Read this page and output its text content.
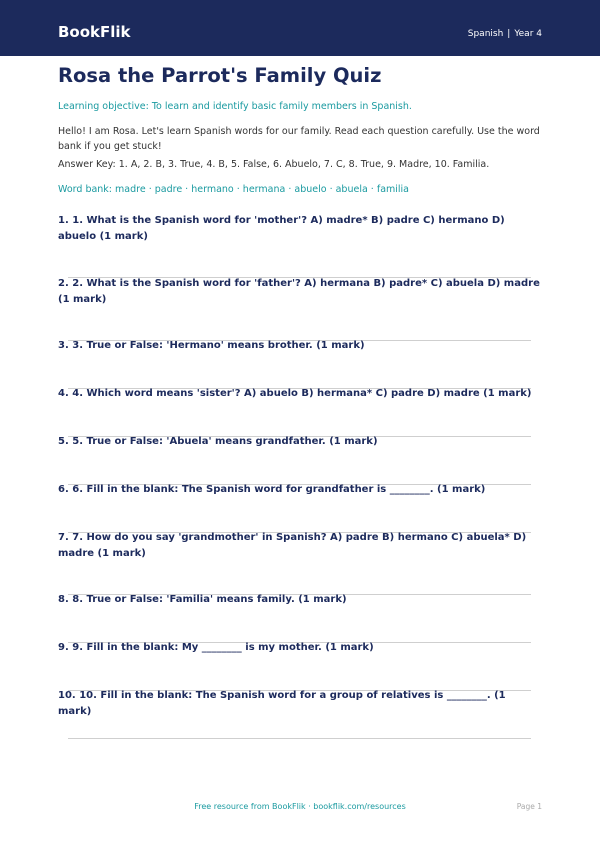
BookFlik	Spanish | Year 4
Rosa the Parrot's Family Quiz
Learning objective: To learn and identify basic family members in Spanish.
Hello! I am Rosa. Let's learn Spanish words for our family. Read each question carefully. Use the word bank if you get stuck!
Answer Key: 1. A, 2. B, 3. True, 4. B, 5. False, 6. Abuelo, 7. C, 8. True, 9. Madre, 10. Familia.
Word bank: madre · padre · hermano · hermana · abuelo · abuela · familia
1. 1. What is the Spanish word for 'mother'? A) madre* B) padre C) hermano D) abuelo (1 mark)
2. 2. What is the Spanish word for 'father'? A) hermana B) padre* C) abuela D) madre (1 mark)
3. 3. True or False: 'Hermano' means brother. (1 mark)
4. 4. Which word means 'sister'? A) abuelo B) hermana* C) padre D) madre (1 mark)
5. 5. True or False: 'Abuela' means grandfather. (1 mark)
6. 6. Fill in the blank: The Spanish word for grandfather is ________. (1 mark)
7. 7. How do you say 'grandmother' in Spanish? A) padre B) hermano C) abuela* D) madre (1 mark)
8. 8. True or False: 'Familia' means family. (1 mark)
9. 9. Fill in the blank: My ________ is my mother. (1 mark)
10. 10. Fill in the blank: The Spanish word for a group of relatives is ________. (1 mark)
Free resource from BookFlik · bookflik.com/resources	Page 1
